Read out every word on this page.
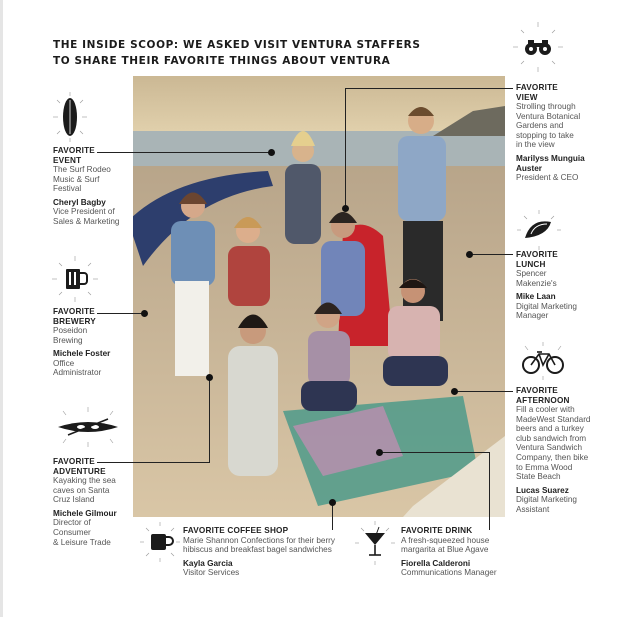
THE INSIDE SCOOP: WE ASKED VISIT VENTURA STAFFERS
TO SHARE THEIR FAVORITE THINGS ABOUT VENTURA
FAVORITE
EVENT
The Surf Rodeo
Music & Surf
Festival
Cheryl Bagby
Vice President of
Sales & Marketing
FAVORITE
BREWERY
Poseidon
Brewing
Michele Foster
Office
Administrator
FAVORITE
ADVENTURE
Kayaking the sea
caves on Santa
Cruz Island
Michele Gilmour
Director of
Consumer
& Leisure Trade
FAVORITE COFFEE SHOP
Marie Shannon Confections for their berry
hibiscus and breakfast bagel sandwiches
Kayla Garcia
Visitor Services
FAVORITE DRINK
A fresh-squeezed house
margarita at Blue Agave
Fiorella Calderoni
Communications Manager
FAVORITE
VIEW
Strolling through
Ventura Botanical
Gardens and
stopping to take
in the view
Marilyss Munguia
Auster
President & CEO
FAVORITE
LUNCH
Spencer
Makenzie's
Mike Laan
Digital Marketing
Manager
FAVORITE
AFTERNOON
Fill a cooler with
MadeWest Standard
beers and a turkey
club sandwich from
Ventura Sandwich
Company, then bike
to Emma Wood
State Beach
Lucas Suarez
Digital Marketing
Assistant
